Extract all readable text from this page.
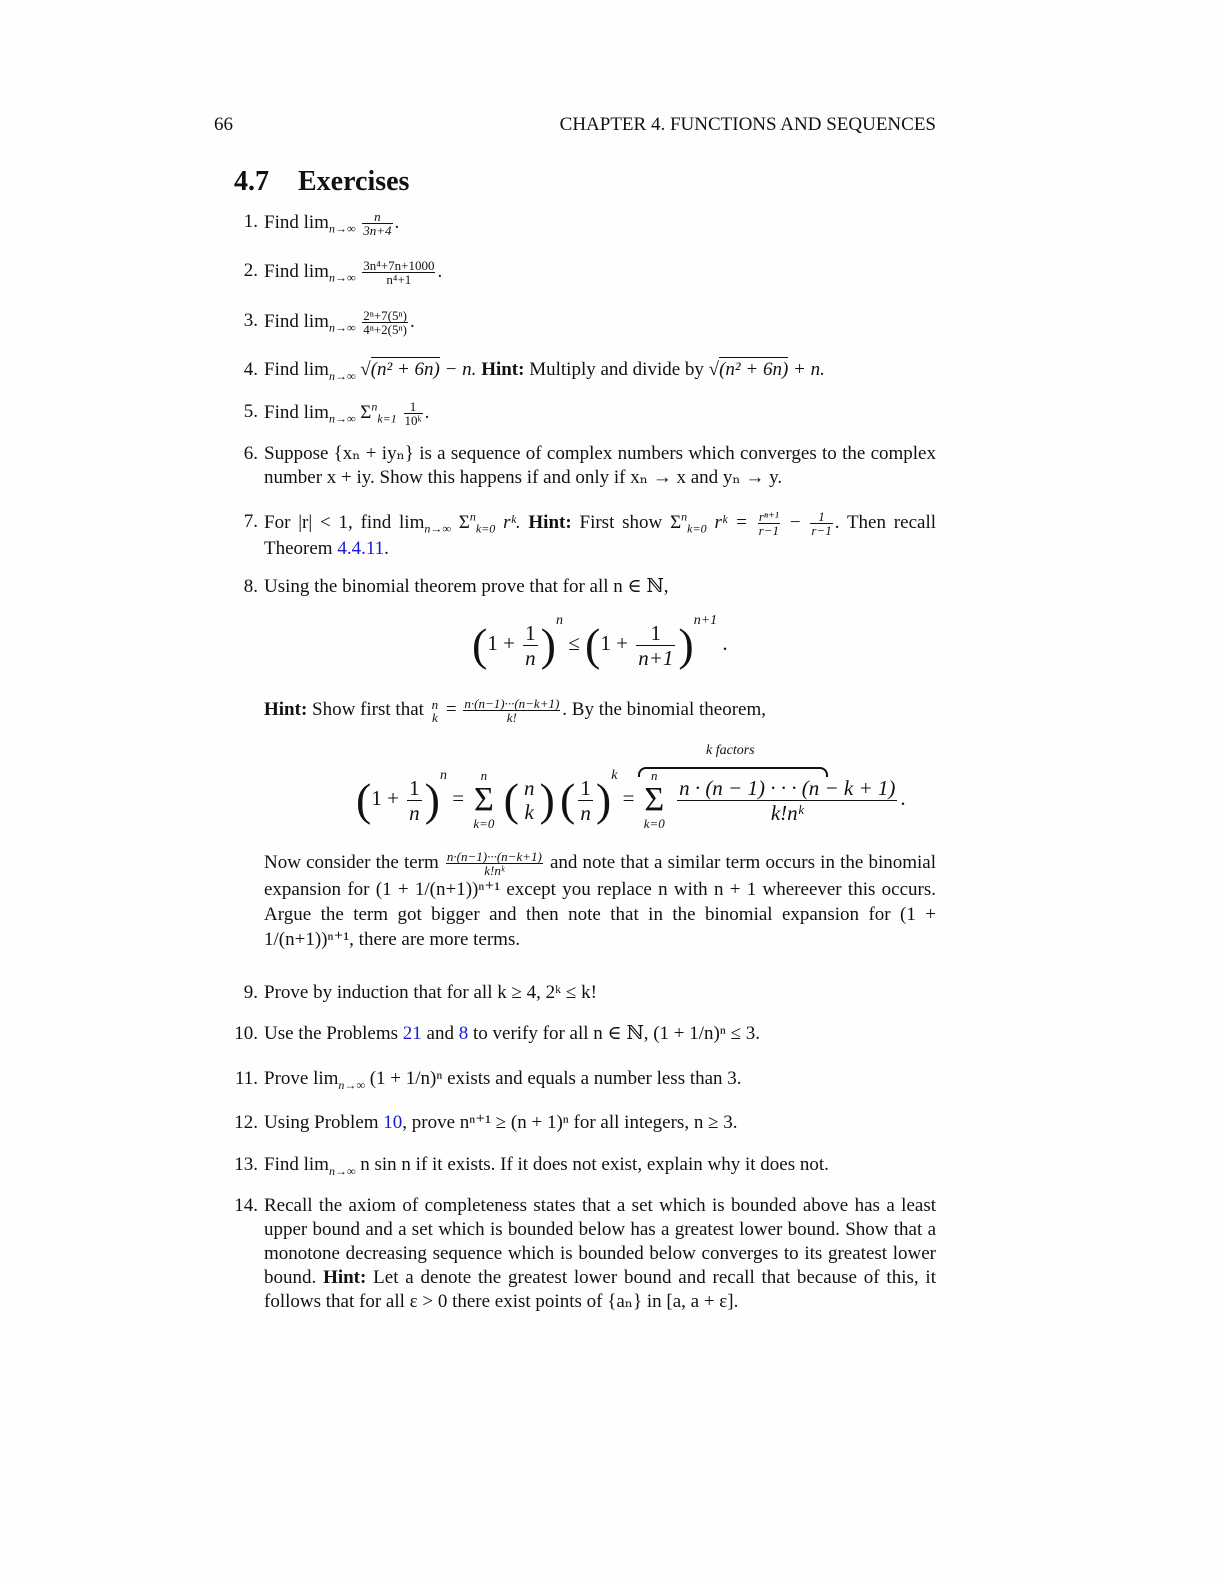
66	CHAPTER 4. FUNCTIONS AND SEQUENCES
4.7 Exercises
1. Find $\lim_{n\to\infty} \frac{n}{3n+4}$ .
2. Find $\lim_{n\to\infty} \frac{\text{3n⁴+7n+1000}}{\text{n⁴+1}}$ .
3. Find $\lim_{n\to\infty} \frac{\text{2ⁿ+7(5ⁿ)}}{\text{4ⁿ+2(5ⁿ)}}$ .
4. Find $\lim_{n\to\infty} √(n^2 + 6n) - n$. Hint: Multiply and divide by √(n² + 6n) + n.
5. Find $\lim_{n\to\infty} \Sigma^n_{k=1} \frac{1}{\text{10ᵏ}}$ .
6. Suppose {xₙ + iyₙ} is a sequence of complex numbers which converges to the complex number x + iy. Show this happens if and only if xₙ → x and yₙ → y.
7. For |r| < 1, find $\lim_{n\to\infty} \Sigma^n_{k=0}$ rᵏ. Hint: First show $\Sigma^n_{k=0}$ rᵏ = $\frac{\text{rⁿ⁺¹}}{r-1} - \frac{1}{r-1}$ . Then recall Theorem 4.4.11.
8. Using the binomial theorem prove that for all n ∈ ℕ,
$(1 + \frac{1}{n} )^n \le (1 + \frac{1}{n+1} )^{n+1}$ .
Hint: Show first that n
$k = \frac{n\cdot(n-1)\cdot\cdot\cdot(n-k+1)}{k!}$ . By the binomial theorem,
k factors
$(1 + \frac{1}{n} )^n$ =
n
Σ
k=0 ( n
k ) ( $\frac{1}{n} )^k$ =
n
Σ
k=0
$\frac{n \cdot (n - 1) \cdot \cdot \cdot (n - k + 1)}{\text{k!nᵏ}}$ .
Now consider the term $\frac{n\cdot(n-1)\cdot\cdot\cdot(n-k+1)}{\text{k!nᵏ}}$ and note that a similar term occurs in the binomial expansion for (1 + 1/(n+1))ⁿ⁺¹ except you replace n with n + 1 whereever this occurs. Argue the term got bigger and then note that in the binomial expansion for (1 + 1/(n+1))ⁿ⁺¹, there are more terms.
9. Prove by induction that for all k ≥ 4, 2ᵏ ≤ k!
10. Use the Problems 21 and 8 to verify for all n ∈ ℕ, (1 + 1/n)ⁿ ≤ 3.
11. Prove $\lim_{n\to\infty} (1 + 1/n)^n$ exists and equals a number less than 3.
12. Using Problem 10, prove nⁿ⁺¹ ≥ (n + 1)ⁿ for all integers, n ≥ 3.
13. Find $\lim_{n\to\infty} n$ sin n if it exists. If it does not exist, explain why it does not.
14. Recall the axiom of completeness states that a set which is bounded above has a least upper bound and a set which is bounded below has a greatest lower bound. Show that a monotone decreasing sequence which is bounded below converges to its greatest lower bound. Hint: Let a denote the greatest lower bound and recall that because of this, it follows that for all ε > 0 there exist points of {aₙ} in [a, a + ε].
